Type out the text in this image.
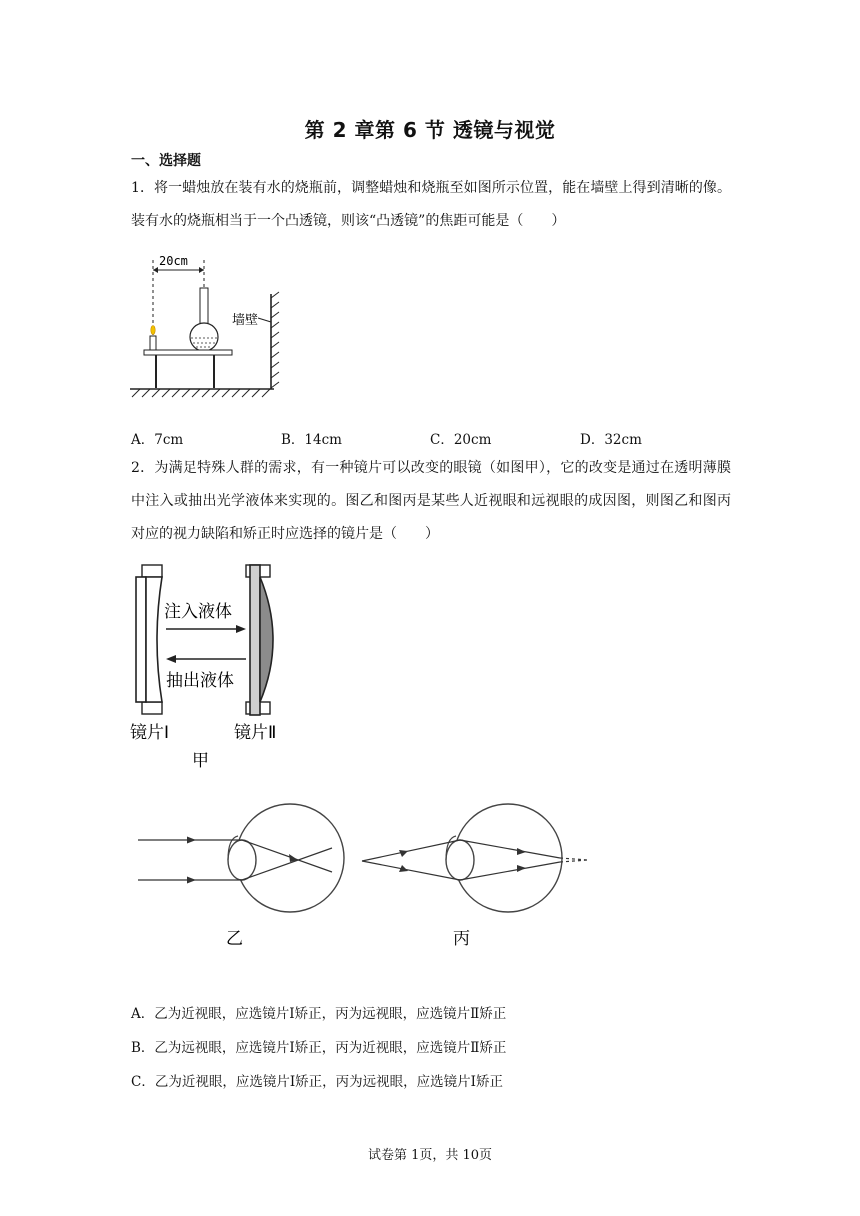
第 2 章第 6 节 透镜与视觉
一、选择题

1．将一蜡烛放在装有水的烧瓶前，调整蜡烛和烧瓶至如图所示位置，能在墙壁上得到清晰的像。装有水的烧瓶相当于一个凸透镜，则该“凸透镜”的焦距可能是（　　）

20cm
墙壁
A．7cm	B．14cm	C．20cm	D．32cm

2．为满足特殊人群的需求，有一种镜片可以改变的眼镜（如图甲），它的改变是通过在透明薄膜中注入或抽出光学液体来实现的。图乙和图丙是某些人近视眼和远视眼的成因图，则图乙和图丙对应的视力缺陷和矫正时应选择的镜片是（　　）

注入液体
抽出液体
镜片Ⅰ	镜片Ⅱ
甲
乙	丙
A．乙为近视眼，应选镜片Ⅰ矫正，丙为远视眼，应选镜片Ⅱ矫正
B．乙为远视眼，应选镜片Ⅰ矫正，丙为近视眼，应选镜片Ⅱ矫正
C．乙为近视眼，应选镜片Ⅰ矫正，丙为远视眼，应选镜片Ⅰ矫正
试卷第 1页，共 10页
